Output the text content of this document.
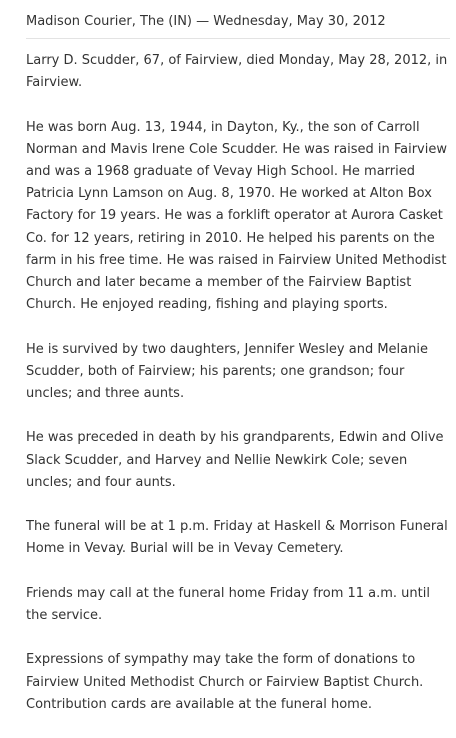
Madison Courier, The (IN) — Wednesday, May 30, 2012

Larry D. Scudder, 67, of Fairview, died Monday, May 28, 2012, in Fairview.

He was born Aug. 13, 1944, in Dayton, Ky., the son of Carroll Norman and Mavis Irene Cole Scudder. He was raised in Fairview and was a 1968 graduate of Vevay High School. He married Patricia Lynn Lamson on Aug. 8, 1970. He worked at Alton Box Factory for 19 years. He was a forklift operator at Aurora Casket Co. for 12 years, retiring in 2010. He helped his parents on the farm in his free time. He was raised in Fairview United Methodist Church and later became a member of the Fairview Baptist Church. He enjoyed reading, fishing and playing sports.

He is survived by two daughters, Jennifer Wesley and Melanie Scudder, both of Fairview; his parents; one grandson; four uncles; and three aunts.

He was preceded in death by his grandparents, Edwin and Olive Slack Scudder, and Harvey and Nellie Newkirk Cole; seven uncles; and four aunts.

The funeral will be at 1 p.m. Friday at Haskell & Morrison Funeral Home in Vevay. Burial will be in Vevay Cemetery.

Friends may call at the funeral home Friday from 11 a.m. until the service.

Expressions of sympathy may take the form of donations to Fairview United Methodist Church or Fairview Baptist Church. Contribution cards are available at the funeral home.
